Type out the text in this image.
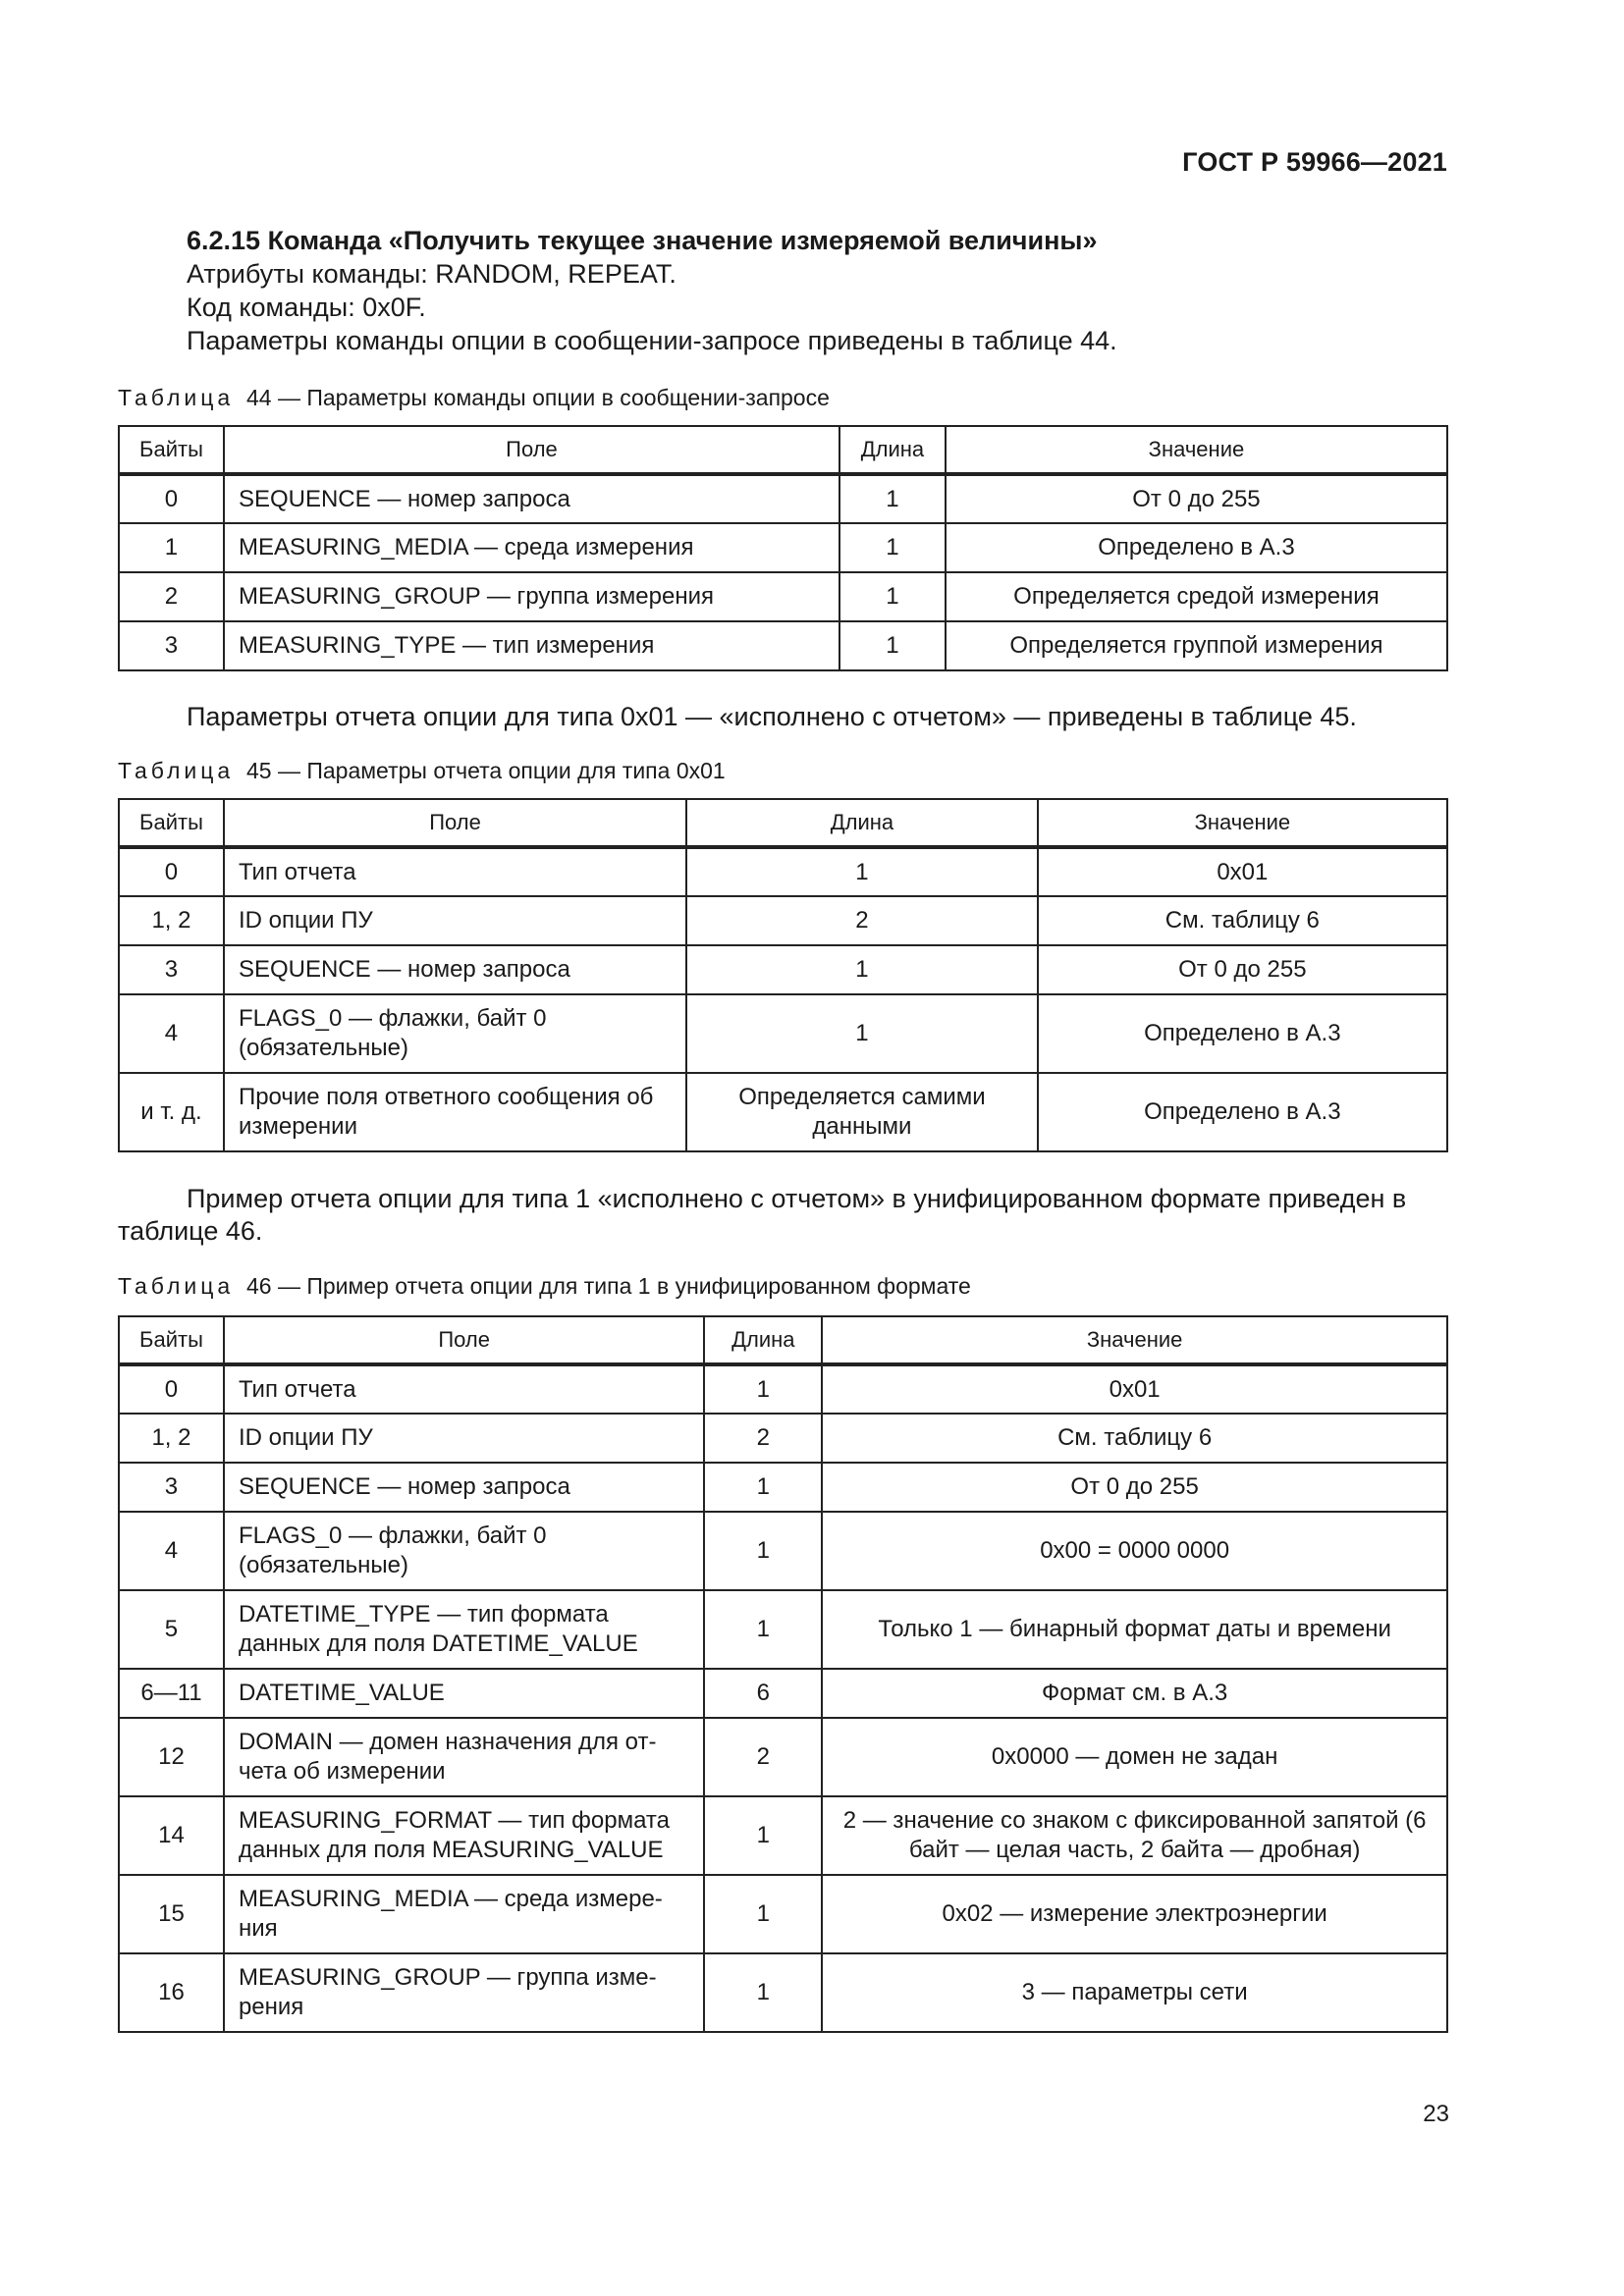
ГОСТ Р 59966—2021
6.2.15 Команда «Получить текущее значение измеряемой величины»
Атрибуты команды: RANDOM, REPEAT.
Код команды: 0x0F.
Параметры команды опции в сообщении-запросе приведены в таблице 44.
Таблица 44 — Параметры команды опции в сообщении-запросе
Байты	Поле	Длина	Значение
0	SEQUENCE — номер запроса	1	От 0 до 255
1	MEASURING_MEDIA — среда измерения	1	Определено в А.3
2	MEASURING_GROUP — группа измерения	1	Определяется средой измерения
3	MEASURING_TYPE — тип измерения	1	Определяется группой измерения
Параметры отчета опции для типа 0x01 — «исполнено с отчетом» — приведены в таблице 45.
Таблица 45 — Параметры отчета опции для типа 0x01
Байты	Поле	Длина	Значение
0	Тип отчета	1	0x01
1, 2	ID опции ПУ	2	См. таблицу 6
3	SEQUENCE — номер запроса	1	От 0 до 255
4	FLAGS_0 — флажки, байт 0 (обязательные)	1	Определено в А.3
и т. д.	Прочие поля ответного сообщения об измерении	Определяется самими данными	Определено в А.3
Пример отчета опции для типа 1 «исполнено с отчетом» в унифицированном формате приведен в таблице 46.
Таблица 46 — Пример отчета опции для типа 1 в унифицированном формате
Байты	Поле	Длина	Значение
0	Тип отчета	1	0x01
1, 2	ID опции ПУ	2	См. таблицу 6
3	SEQUENCE — номер запроса	1	От 0 до 255
4	FLAGS_0 — флажки, байт 0 (обязательные)	1	0x00 = 0000 0000
5	DATETIME_TYPE — тип формата данных для поля DATETIME_VALUE	1	Только 1 — бинарный формат даты и времени
6—11	DATETIME_VALUE	6	Формат см. в А.3
12	DOMAIN — домен назначения для от-чета об измерении	2	0x0000 — домен не задан
14	MEASURING_FORMAT — тип формата данных для поля MEASURING_VALUE	1	2 — значение со знаком с фиксированной запятой (6 байт — целая часть, 2 байта — дробная)
15	MEASURING_MEDIA — среда измере-ния	1	0x02 — измерение электроэнергии
16	MEASURING_GROUP — группа изме-рения	1	3 — параметры сети
23
